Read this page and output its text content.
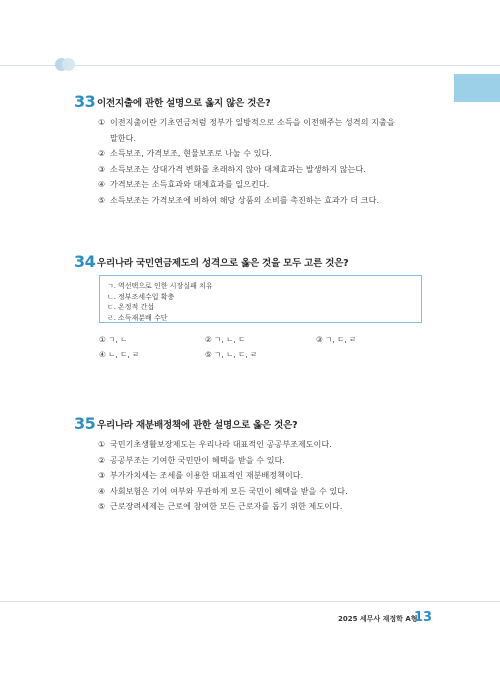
33 이전지출에 관한 설명으로 옳지 않은 것은?
① 이전지출이란 기초연금처럼 정부가 일방적으로 소득을 이전해주는 성격의 지출을
말한다.
② 소득보조, 가격보조, 현물보조로 나눌 수 있다.
③ 소득보조는 상대가격 변화를 초래하지 않아 대체효과는 발생하지 않는다.
④ 가격보조는 소득효과와 대체효과를 일으킨다.
⑤ 소득보조는 가격보조에 비하여 해당 상품의 소비를 촉진하는 효과가 더 크다.
34 우리나라 국민연금제도의 성격으로 옳은 것을 모두 고른 것은?
ㄱ. 역선택으로 인한 시장실패 치유
ㄴ. 정부조세수입 확충
ㄷ. 온정적 간섭
ㄹ. 소득재분배 수단
① ㄱ, ㄴ	② ㄱ, ㄴ, ㄷ	③ ㄱ, ㄷ, ㄹ
④ ㄴ, ㄷ, ㄹ	⑤ ㄱ, ㄴ, ㄷ, ㄹ
35 우리나라 재분배정책에 관한 설명으로 옳은 것은?
① 국민기초생활보장제도는 우리나라 대표적인 공공부조제도이다.
② 공공부조는 기여한 국민만이 혜택을 받을 수 있다.
③ 부가가치세는 조세를 이용한 대표적인 재분배정책이다.
④ 사회보험은 기여 여부와 무관하게 모든 국민이 혜택을 받을 수 있다.
⑤ 근로장려세제는 근로에 참여한 모든 근로자를 돕기 위한 제도이다.
2025 세무사 재정학 A형
13
